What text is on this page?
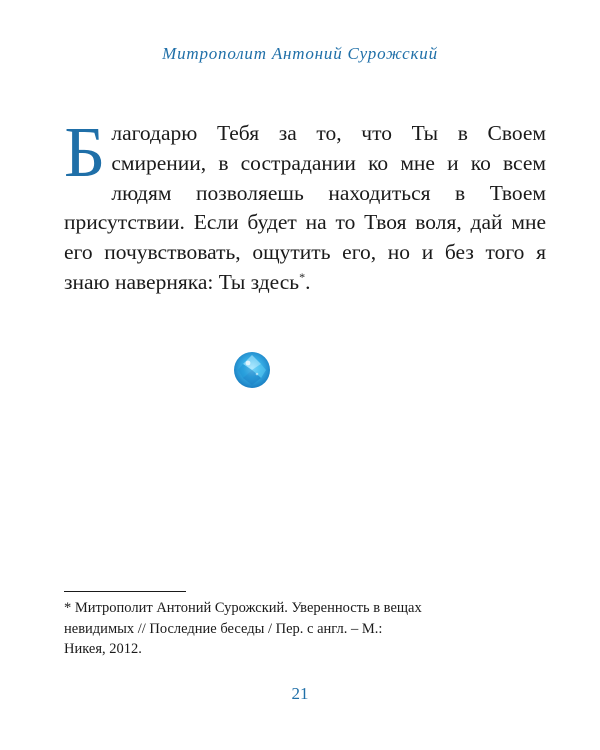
Митрополит Антоний Сурожский

Благодарю Тебя за то, что Ты в Своем смирении, в сострадании ко мне и ко всем людям позволяешь находиться в Твоем присутствии. Если будет на то Твоя воля, дай мне его почувствовать, ощутить его, но и без того я знаю наверняка: Ты здесь*.

* Митрополит Антоний Сурожский. Уверенность в вещах
невидимых // Последние беседы / Пер. с англ. – М.:
Никея, 2012.

21
